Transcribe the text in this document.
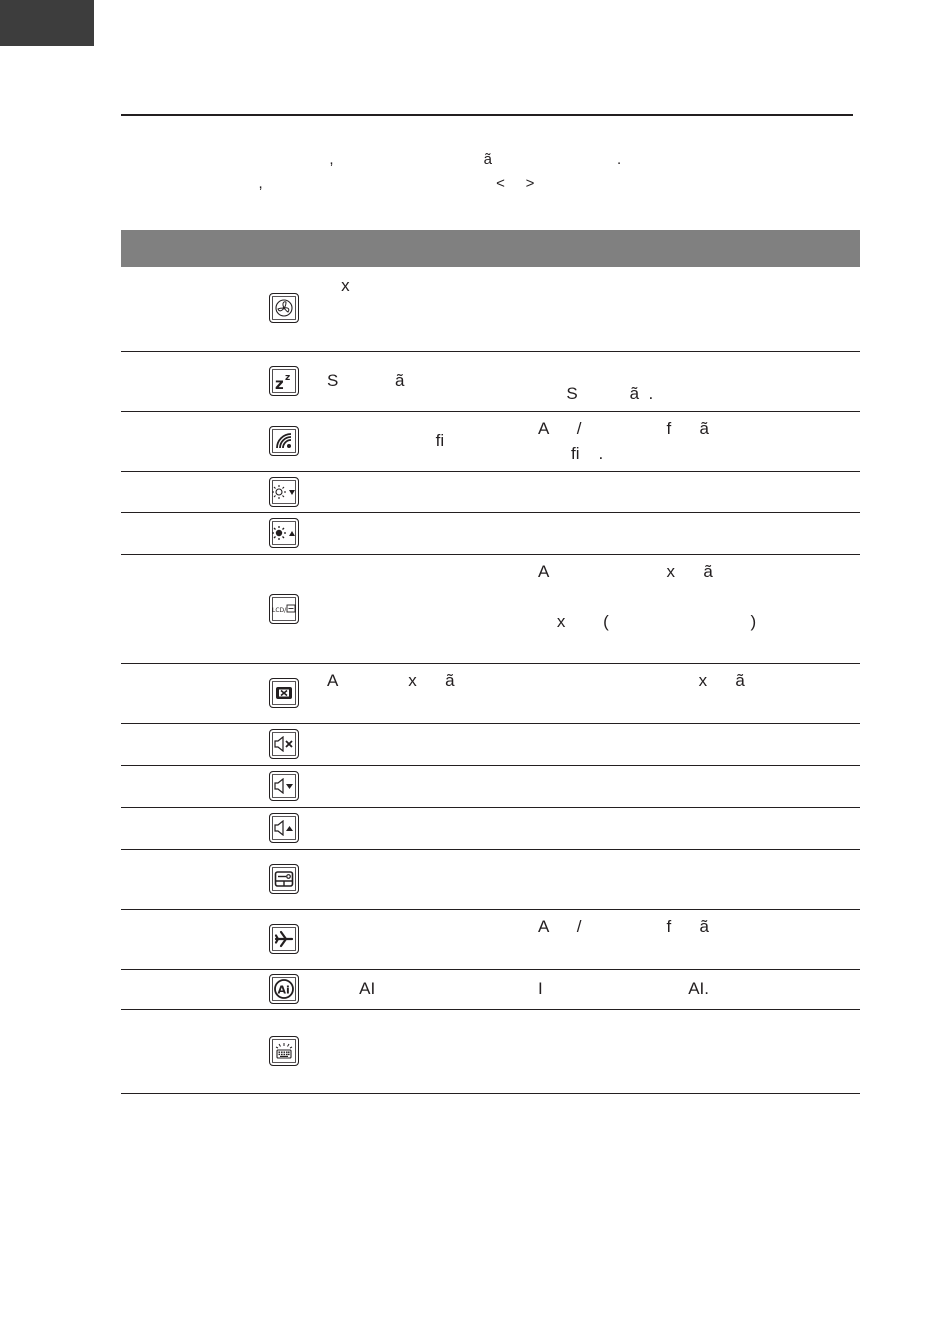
,                                    ã                              .
,                                                        <     >
x
z z S            ã
S           ã  .
fi
A      /                  f      ã
fi    .
LCD/
A                         x      ã
x        (                              )
A               x      ã	x      ã
A      /                  f      ã
Ai AI	I                               AI.
